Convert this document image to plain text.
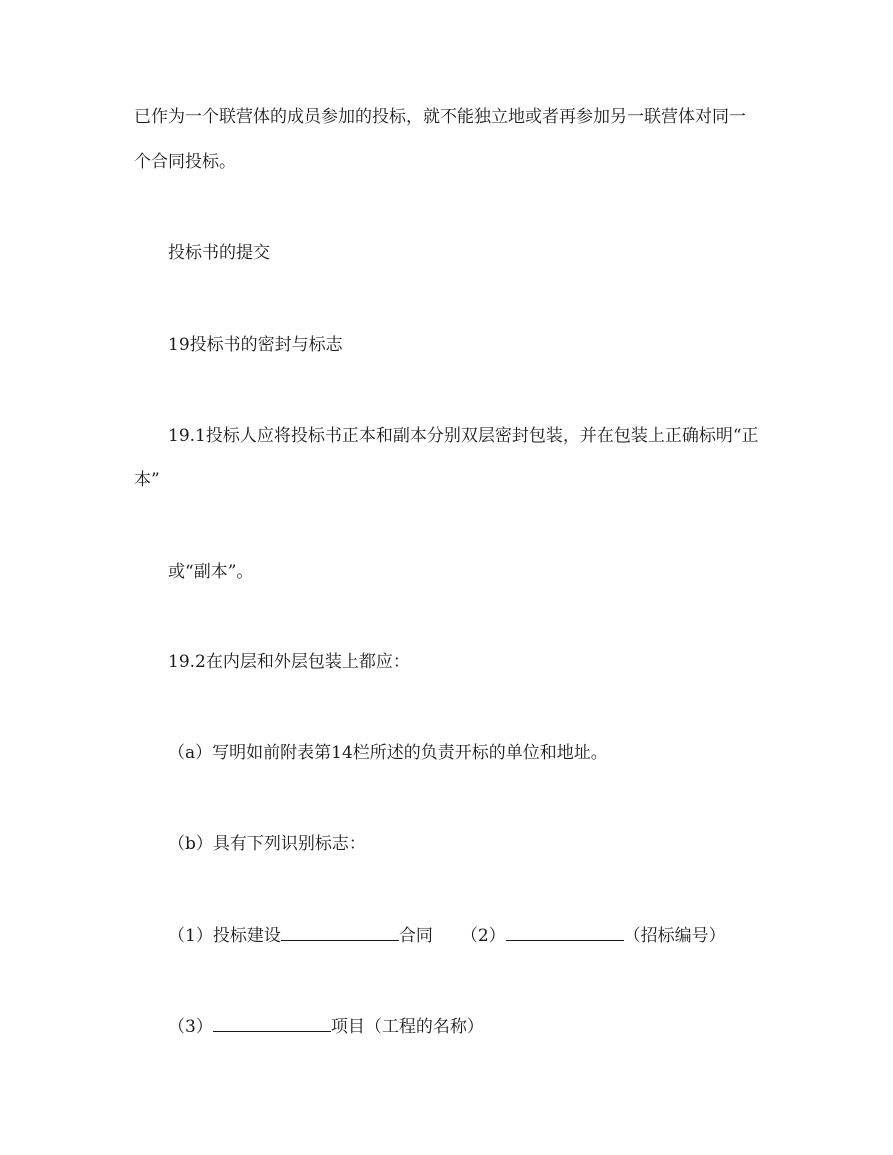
已作为一个联营体的成员参加的投标，就不能独立地或者再参加另一联营体对同一

个合同投标。

投标书的提交

19投标书的密封与标志

19.1投标人应将投标书正本和副本分别双层密封包装，并在包装上正确标明“正

本”

或“副本”。

19.2在内层和外层包装上都应：

（a）写明如前附表第14栏所述的负责开标的单位和地址。

（b）具有下列识别标志：

（1）投标建设	合同 （2）	（招标编号）

（3）	项目（工程的名称）
